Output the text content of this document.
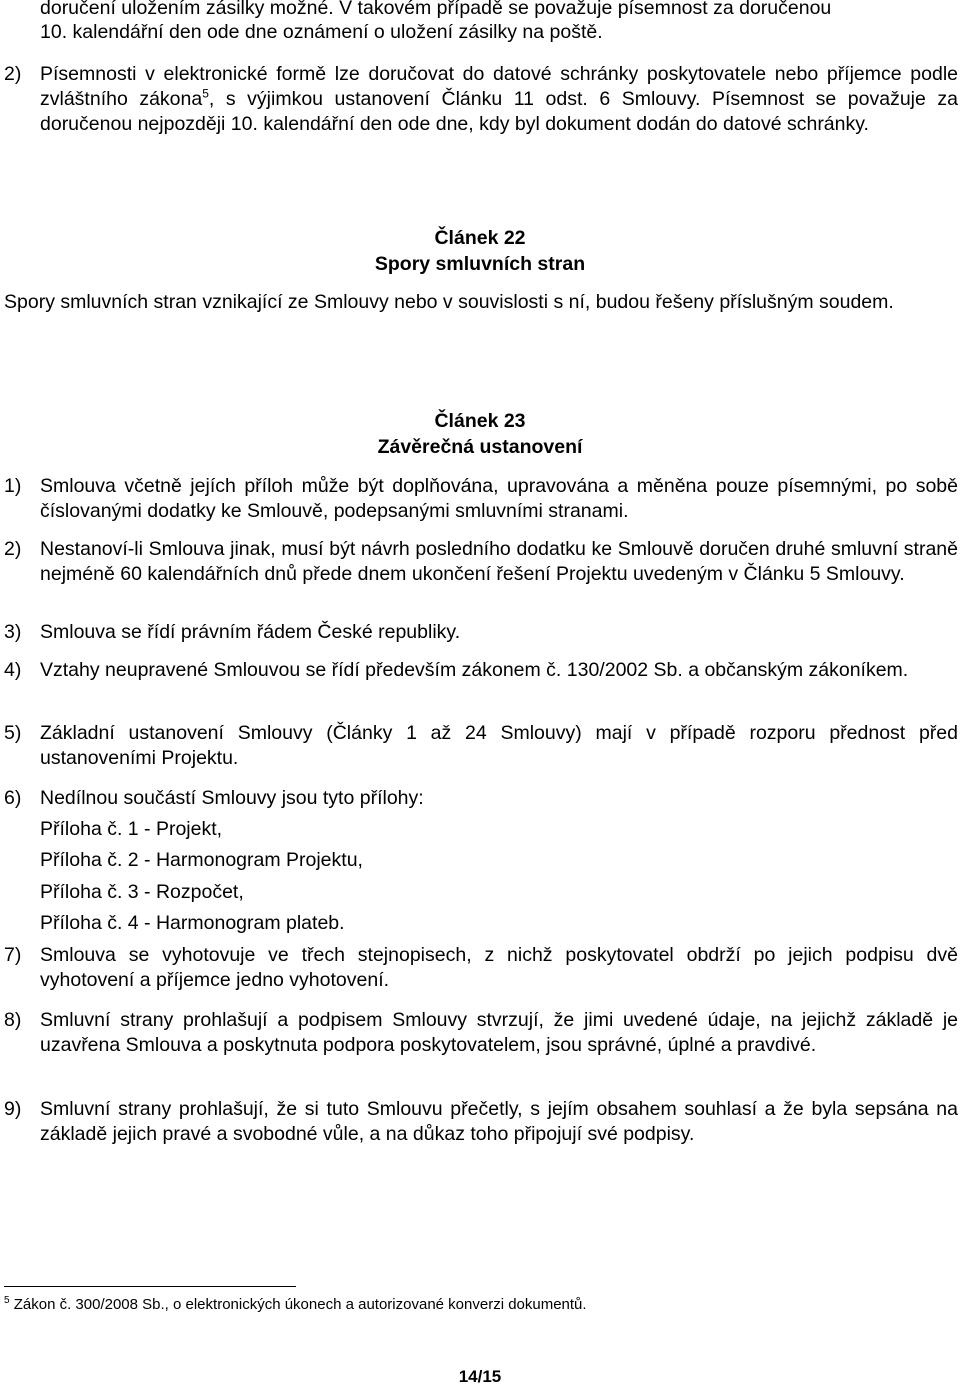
doručení uložením zásilky možné. V takovém případě se považuje písemnost za doručenou

10. kalendářní den ode dne oznámení o uložení zásilky na poště.

2) Písemnosti v elektronické formě lze doručovat do datové schránky poskytovatele nebo příjemce podle zvláštního zákona$^5$, s výjimkou ustanovení Článku 11 odst. 6 Smlouvy. Písemnost se považuje za doručenou nejpozději 10. kalendářní den ode dne, kdy byl dokument dodán do datové schránky.

Článek 22

Spory smluvních stran

Spory smluvních stran vznikající ze Smlouvy nebo v souvislosti s ní, budou řešeny příslušným soudem.

Článek 23

Závěrečná ustanovení

1) Smlouva včetně jejích příloh může být doplňována, upravována a měněna pouze písemnými, po sobě číslovanými dodatky ke Smlouvě, podepsanými smluvními stranami.
2) Nestanoví-li Smlouva jinak, musí být návrh posledního dodatku ke Smlouvě doručen druhé smluvní straně nejméně 60 kalendářních dnů přede dnem ukončení řešení Projektu uvedeným v Článku 5 Smlouvy.
3) Smlouva se řídí právním řádem České republiky.
4) Vztahy neupravené Smlouvou se řídí především zákonem č. 130/2002 Sb. a občanským zákoníkem.
5) Základní ustanovení Smlouvy (Články 1 až 24 Smlouvy) mají v případě rozporu přednost před ustanoveními Projektu.
6) Nedílnou součástí Smlouvy jsou tyto přílohy:

Příloha č. 1 - Projekt,

Příloha č. 2 - Harmonogram Projektu,

Příloha č. 3 - Rozpočet,

Příloha č. 4 - Harmonogram plateb.

7) Smlouva se vyhotovuje ve třech stejnopisech, z nichž poskytovatel obdrží po jejich podpisu dvě vyhotovení a příjemce jedno vyhotovení.
8) Smluvní strany prohlašují a podpisem Smlouvy stvrzují, že jimi uvedené údaje, na jejichž základě je uzavřena Smlouva a poskytnuta podpora poskytovatelem, jsou správné, úplné a pravdivé.
9) Smluvní strany prohlašují, že si tuto Smlouvu přečetly, s jejím obsahem souhlasí a že byla sepsána na základě jejich pravé a svobodné vůle, a na důkaz toho připojují své podpisy.

$^5$ Zákon č. 300/2008 Sb., o elektronických úkonech a autorizované konverzi dokumentů.

14/15
